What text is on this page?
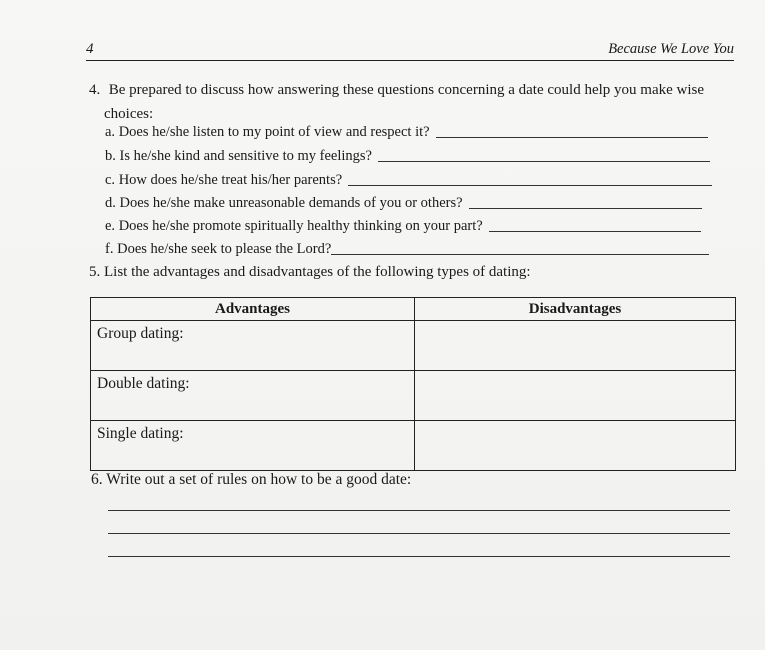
4	Because We Love You
4. Be prepared to discuss how answering these questions concerning a date could help you make wise
choices:
a. Does he/she listen to my point of view and respect it?
b. Is he/she kind and sensitive to my feelings?
c. How does he/she treat his/her parents?
d. Does he/she make unreasonable demands of you or others?
e. Does he/she promote spiritually healthy thinking on your part?
f. Does he/she seek to please the Lord?
5. List the advantages and disadvantages of the following types of dating:
Advantages	Disadvantages
Group dating:	
Double dating:	
Single dating:	
6. Write out a set of rules on how to be a good date:
